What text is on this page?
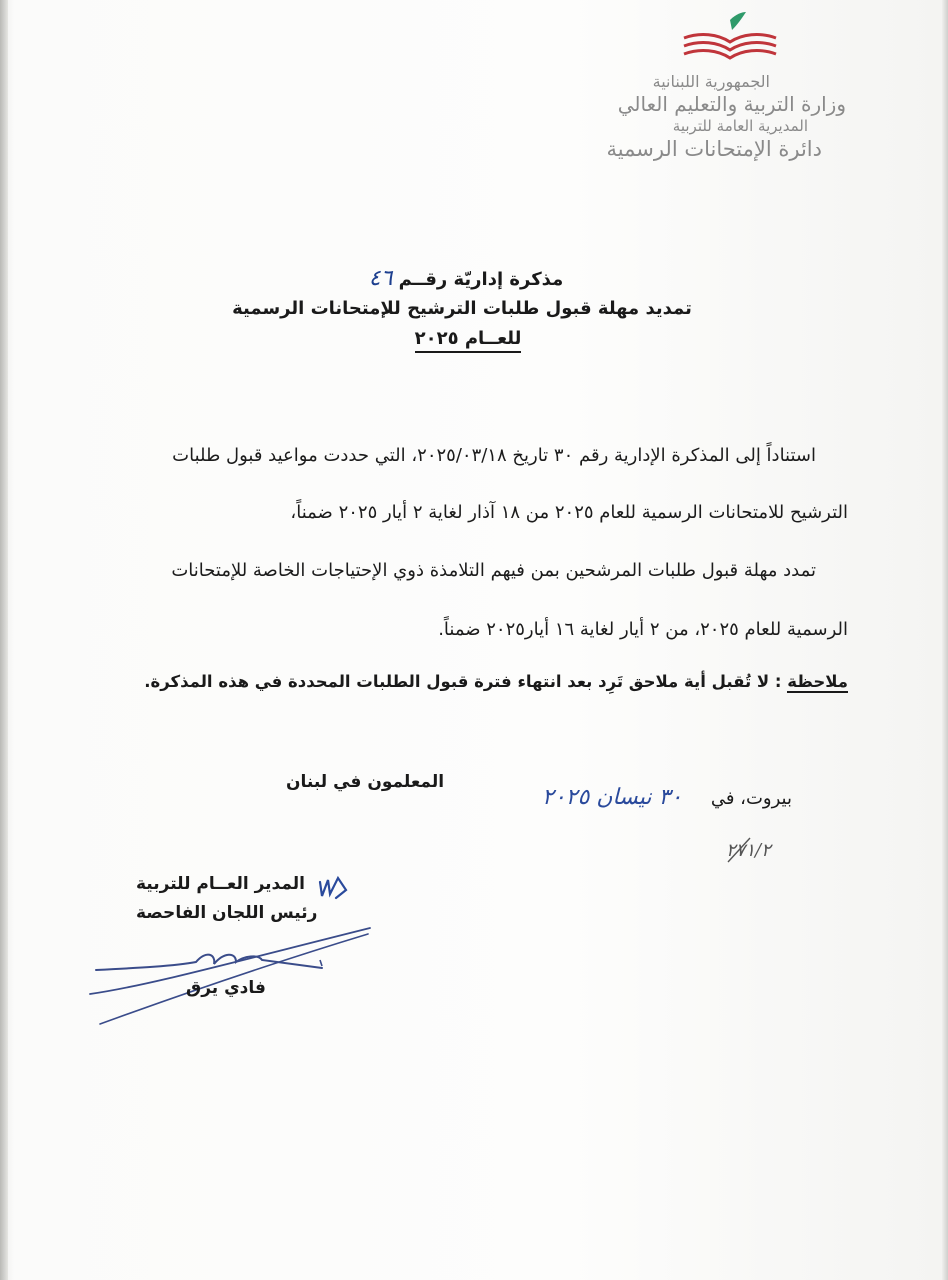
الجمهورية اللبنانية
وزارة التربية والتعليم العالي
المديرية العامة للتربية
دائرة الإمتحانات الرسمية
مذكرة إداريّة رقــم ٤٦
تمديد مهلة قبول طلبات الترشيح للإمتحانات الرسمية
للعــام ٢٠٢٥
استناداً إلى المذكرة الإدارية رقم ٣٠ تاريخ ٢٠٢٥/٠٣/١٨، التي حددت مواعيد قبول طلبات
الترشيح للامتحانات الرسمية للعام ٢٠٢٥ من ١٨ آذار لغاية ٢ أيار ٢٠٢٥ ضمناً،
تمدد مهلة قبول طلبات المرشحين بمن فيهم التلامذة ذوي الإحتياجات الخاصة للإمتحانات
الرسمية للعام ٢٠٢٥، من ٢ أيار لغاية ١٦ أيار٢٠٢٥ ضمناً.
ملاحظة : لا تُقبل أية ملاحق تَرِد بعد انتهاء فترة قبول الطلبات المحددة في هذه المذكرة.
بيروت، في
٣٠ نيسان ٢٠٢٥
٢٧١/٢
المعلمون في لبنان
المدير العــام للتربية
رئيس اللجان الفاحصة
فادي يرق
